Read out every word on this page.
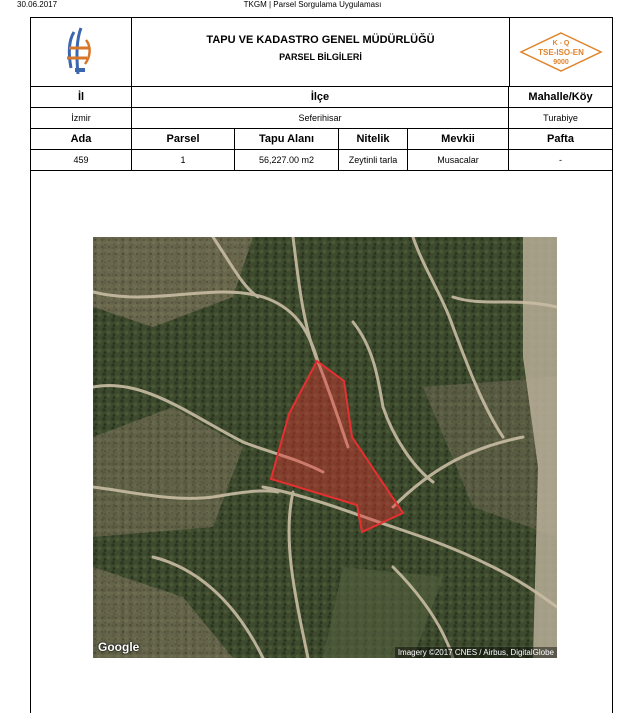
30.06.2017	TKGM | Parsel Sorgulama Uygulaması
TAPU VE KADASTRO GENEL MÜDÜRLÜĞÜ
PARSEL BİLGİLERİ
K - Q
TSE-ISO-EN
9000
İl	İlçe	Mahalle/Köy
İzmir	Seferihisar	Turabiye
Ada	Parsel	Tapu Alanı	Nitelik	Mevkii	Pafta
459	1	56,227.00 m2	Zeytinli tarla	Musacalar	-
Google	Imagery ©2017 CNES / Airbus, DigitalGlobe
